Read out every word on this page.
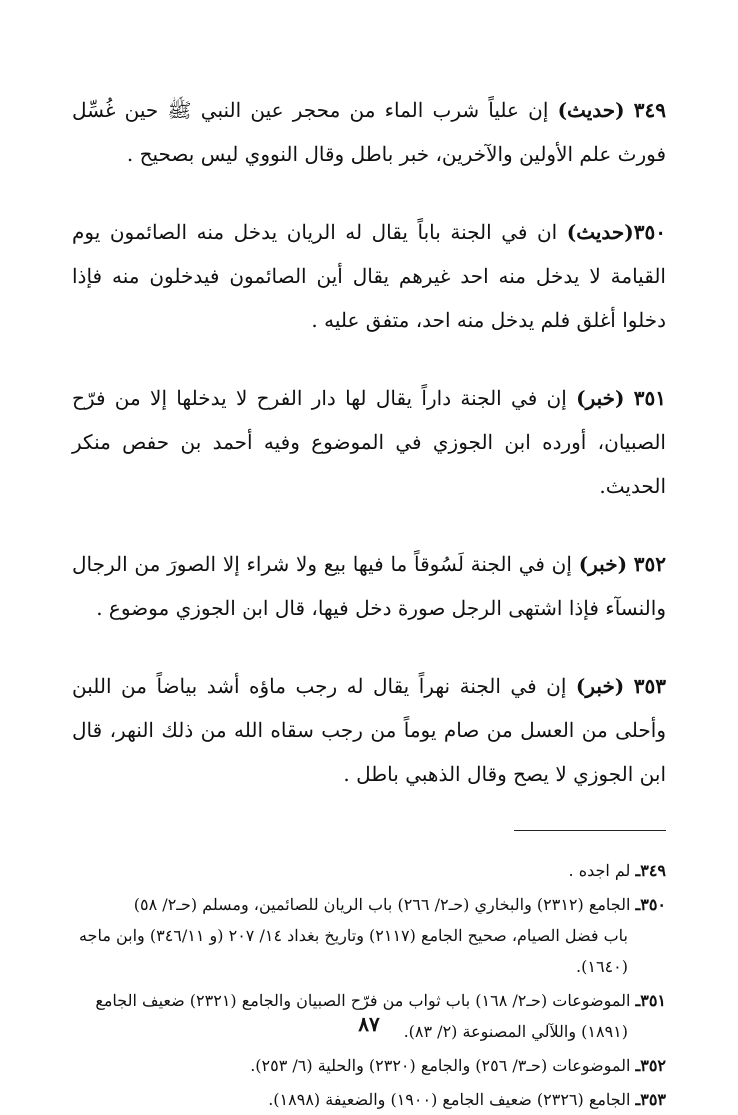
٣٤٩ (حديث) إن علياً شرب الماء من محجر عين النبي ﷺ حين غُسِّل فورث علم الأولين والآخرين، خبر باطل وقال النووي ليس بصحيح .
٣٥٠(حديث) ان في الجنة باباً يقال له الريان يدخل منه الصائمون يوم القيامة لا يدخل منه احد غيرهم يقال أين الصائمون فيدخلون منه فإذا دخلوا أغلق فلم يدخل منه احد، متفق عليه .
٣٥١ (خبر) إن في الجنة داراً يقال لها دار الفرح لا يدخلها إلا من فرّح الصبيان، أورده ابن الجوزي في الموضوع وفيه أحمد بن حفص منكر الحديث.
٣٥٢ (خبر) إن في الجنة لَسُوقاً ما فيها بيع ولا شراء إلا الصورَ من الرجال والنسآء فإذا اشتهى الرجل صورة دخل فيها، قال ابن الجوزي موضوع .
٣٥٣ (خبر) إن في الجنة نهراً يقال له رجب ماؤه أشد بياضاً من اللبن وأحلى من العسل من صام يوماً من رجب سقاه الله من ذلك النهر، قال ابن الجوزي لا يصح وقال الذهبي باطل .
٣٤٩ـ لم اجده .
٣٥٠ـ الجامع (٢٣١٢) والبخاري (حـ٢/ ٢٦٦) باب الريان للصائمين، ومسلم (حـ٢/ ٥٨)
باب فضل الصيام، صحيح الجامع (٢١١٧) وتاريخ بغداد ١٤/ ٢٠٧ (و ٣٤٦/١١) وابن ماجه (١٦٤٠).
٣٥١ـ الموضوعات (حـ٢/ ١٦٨) باب ثواب من فرّح الصبيان والجامع (٢٣٢١) ضعيف الجامع
(١٨٩١) واللآلي المصنوعة (٢/ ٨٣).
٣٥٢ـ الموضوعات (حـ٣/ ٢٥٦) والجامع (٢٣٢٠) والحلية (٦/ ٢٥٣).
٣٥٣ـ الجامع (٢٣٢٦) ضعيف الجامع (١٩٠٠) والضعيفة (١٨٩٨).
٨٧
